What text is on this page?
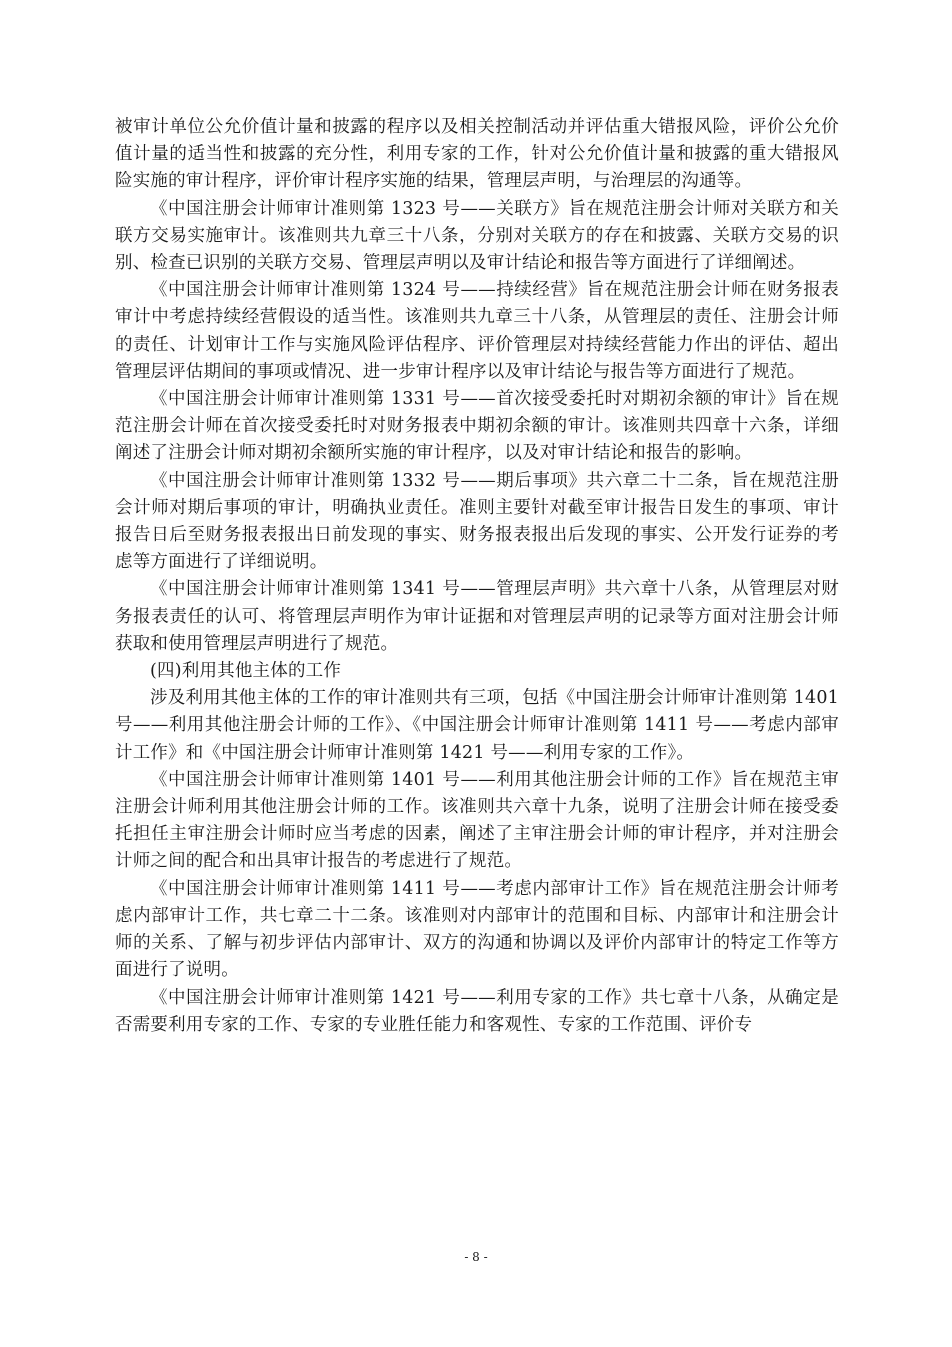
被审计单位公允价值计量和披露的程序以及相关控制活动并评估重大错报风险，评价公允价值计量的适当性和披露的充分性，利用专家的工作，针对公允价值计量和披露的重大错报风险实施的审计程序，评价审计程序实施的结果，管理层声明，与治理层的沟通等。

《中国注册会计师审计准则第 1323 号——关联方》旨在规范注册会计师对关联方和关联方交易实施审计。该准则共九章三十八条，分别对关联方的存在和披露、关联方交易的识别、检查已识别的关联方交易、管理层声明以及审计结论和报告等方面进行了详细阐述。

《中国注册会计师审计准则第 1324 号——持续经营》旨在规范注册会计师在财务报表审计中考虑持续经营假设的适当性。该准则共九章三十八条，从管理层的责任、注册会计师的责任、计划审计工作与实施风险评估程序、评价管理层对持续经营能力作出的评估、超出管理层评估期间的事项或情况、进一步审计程序以及审计结论与报告等方面进行了规范。

《中国注册会计师审计准则第 1331 号——首次接受委托时对期初余额的审计》旨在规范注册会计师在首次接受委托时对财务报表中期初余额的审计。该准则共四章十六条，详细阐述了注册会计师对期初余额所实施的审计程序，以及对审计结论和报告的影响。

《中国注册会计师审计准则第 1332 号——期后事项》共六章二十二条，旨在规范注册会计师对期后事项的审计，明确执业责任。准则主要针对截至审计报告日发生的事项、审计报告日后至财务报表报出日前发现的事实、财务报表报出后发现的事实、公开发行证券的考虑等方面进行了详细说明。

《中国注册会计师审计准则第 1341 号——管理层声明》共六章十八条，从管理层对财务报表责任的认可、将管理层声明作为审计证据和对管理层声明的记录等方面对注册会计师获取和使用管理层声明进行了规范。

(四)利用其他主体的工作

涉及利用其他主体的工作的审计准则共有三项，包括《中国注册会计师审计准则第 1401 号——利用其他注册会计师的工作》、《中国注册会计师审计准则第 1411 号——考虑内部审计工作》和《中国注册会计师审计准则第 1421 号——利用专家的工作》。

《中国注册会计师审计准则第 1401 号——利用其他注册会计师的工作》旨在规范主审注册会计师利用其他注册会计师的工作。该准则共六章十九条，说明了注册会计师在接受委托担任主审注册会计师时应当考虑的因素，阐述了主审注册会计师的审计程序，并对注册会计师之间的配合和出具审计报告的考虑进行了规范。

《中国注册会计师审计准则第 1411 号——考虑内部审计工作》旨在规范注册会计师考虑内部审计工作，共七章二十二条。该准则对内部审计的范围和目标、内部审计和注册会计师的关系、了解与初步评估内部审计、双方的沟通和协调以及评价内部审计的特定工作等方面进行了说明。

《中国注册会计师审计准则第 1421 号——利用专家的工作》共七章十八条，从确定是否需要利用专家的工作、专家的专业胜任能力和客观性、专家的工作范围、评价专

- 8 -
